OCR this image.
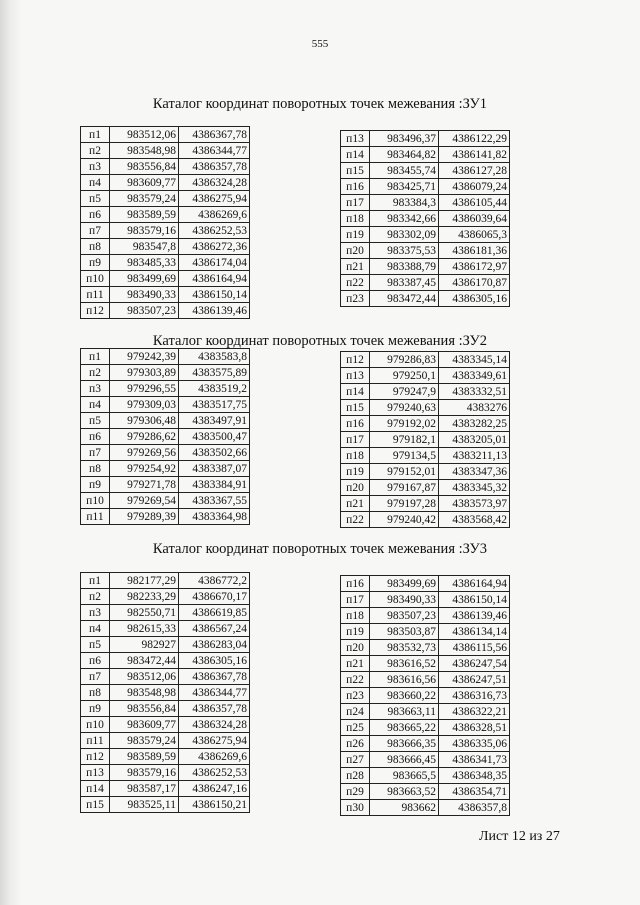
555
Каталог координат поворотных точек межевания :ЗУ1
п1	983512,06	4386367,78
п2	983548,98	4386344,77
п3	983556,84	4386357,78
п4	983609,77	4386324,28
п5	983579,24	4386275,94
п6	983589,59	4386269,6
п7	983579,16	4386252,53
п8	983547,8	4386272,36
п9	983485,33	4386174,04
п10	983499,69	4386164,94
п11	983490,33	4386150,14
п12	983507,23	4386139,46
п13	983496,37	4386122,29
п14	983464,82	4386141,82
п15	983455,74	4386127,28
п16	983425,71	4386079,24
п17	983384,3	4386105,44
п18	983342,66	4386039,64
п19	983302,09	4386065,3
п20	983375,53	4386181,36
п21	983388,79	4386172,97
п22	983387,45	4386170,87
п23	983472,44	4386305,16
Каталог координат поворотных точек межевания :ЗУ2
п1	979242,39	4383583,8
п2	979303,89	4383575,89
п3	979296,55	4383519,2
п4	979309,03	4383517,75
п5	979306,48	4383497,91
п6	979286,62	4383500,47
п7	979269,56	4383502,66
п8	979254,92	4383387,07
п9	979271,78	4383384,91
п10	979269,54	4383367,55
п11	979289,39	4383364,98
п12	979286,83	4383345,14
п13	979250,1	4383349,61
п14	979247,9	4383332,51
п15	979240,63	4383276
п16	979192,02	4383282,25
п17	979182,1	4383205,01
п18	979134,5	4383211,13
п19	979152,01	4383347,36
п20	979167,87	4383345,32
п21	979197,28	4383573,97
п22	979240,42	4383568,42
Каталог координат поворотных точек межевания :ЗУ3
п1	982177,29	4386772,2
п2	982233,29	4386670,17
п3	982550,71	4386619,85
п4	982615,33	4386567,24
п5	982927	4386283,04
п6	983472,44	4386305,16
п7	983512,06	4386367,78
п8	983548,98	4386344,77
п9	983556,84	4386357,78
п10	983609,77	4386324,28
п11	983579,24	4386275,94
п12	983589,59	4386269,6
п13	983579,16	4386252,53
п14	983587,17	4386247,16
п15	983525,11	4386150,21
п16	983499,69	4386164,94
п17	983490,33	4386150,14
п18	983507,23	4386139,46
п19	983503,87	4386134,14
п20	983532,73	4386115,56
п21	983616,52	4386247,54
п22	983616,56	4386247,51
п23	983660,22	4386316,73
п24	983663,11	4386322,21
п25	983665,22	4386328,51
п26	983666,35	4386335,06
п27	983666,45	4386341,73
п28	983665,5	4386348,35
п29	983663,52	4386354,71
п30	983662	4386357,8
Лист 12 из 27
